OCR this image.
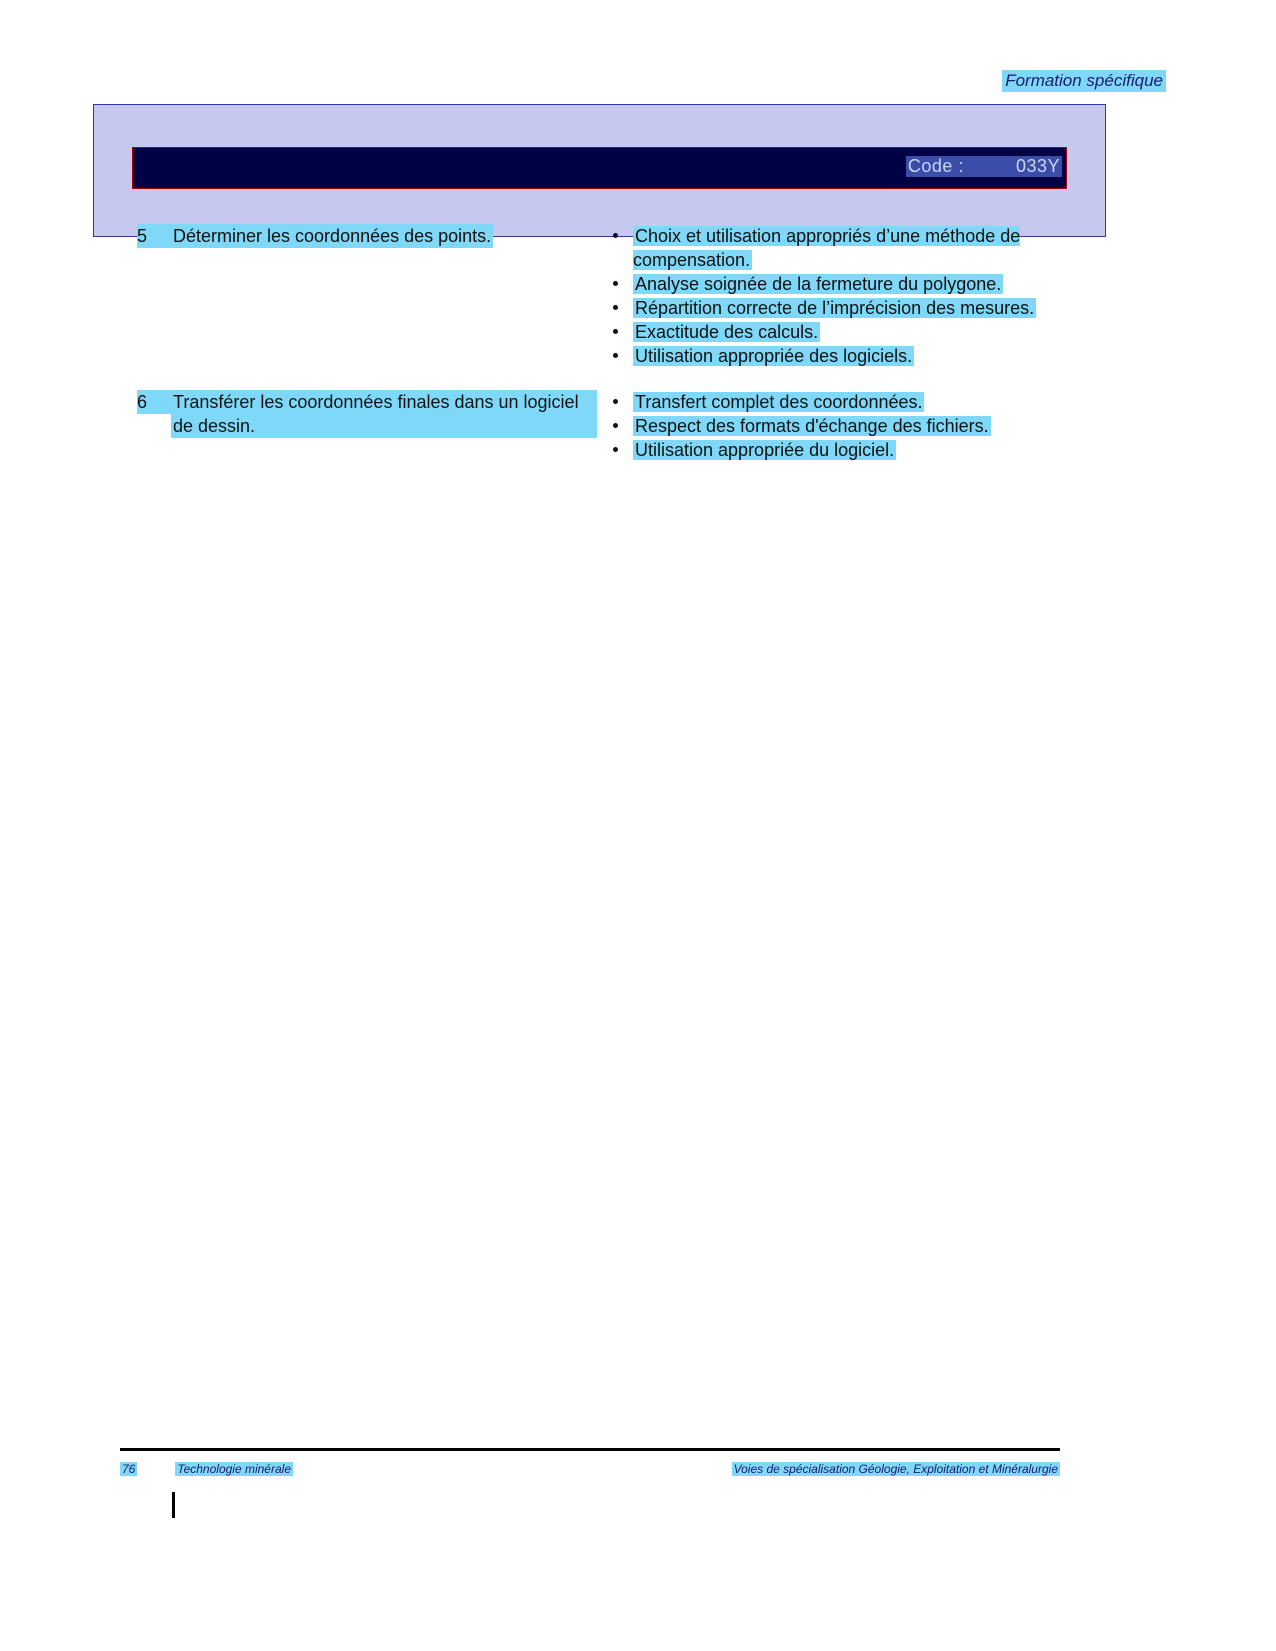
Formation spécifique
Code :	033Y
5	Déterminer les coordonnées des points.	Choix et utilisation appropriés d’une méthode de compensation.
Analyse soignée de la fermeture du polygone.
Répartition correcte de l’imprécision des mesures.
Exactitude des calculs.
Utilisation appropriée des logiciels.
6	Transférer les coordonnées finales dans un logiciel de dessin.
Transfert complet des coordonnées.
Respect des formats d'échange des fichiers.
Utilisation appropriée du logiciel.
76	Technologie minérale	Voies de spécialisation Géologie, Exploitation et Minéralurgie
